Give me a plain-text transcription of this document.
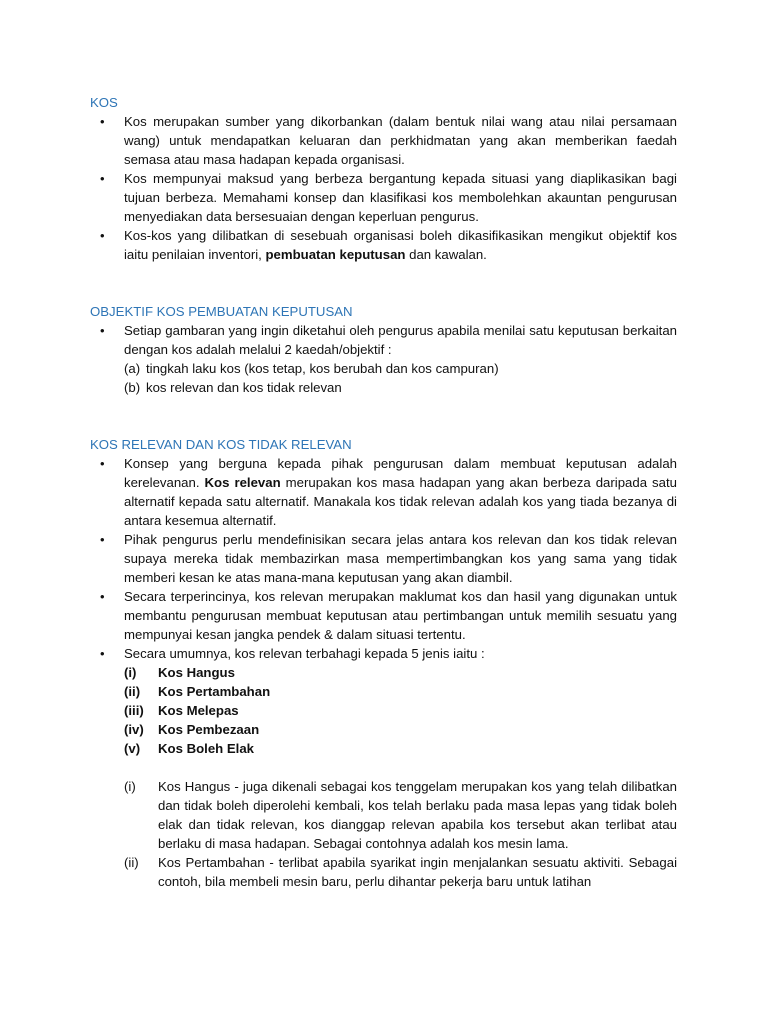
KOS
• Kos merupakan sumber yang dikorbankan (dalam bentuk nilai wang atau nilai persamaan wang) untuk mendapatkan keluaran dan perkhidmatan yang akan memberikan faedah semasa atau masa hadapan kepada organisasi.
• Kos mempunyai maksud yang berbeza bergantung kepada situasi yang diaplikasikan bagi tujuan berbeza. Memahami konsep dan klasifikasi kos membolehkan akauntan pengurusan menyediakan data bersesuaian dengan keperluan pengurus.
• Kos-kos yang dilibatkan di sesebuah organisasi boleh dikasifikasikan mengikut objektif kos iaitu penilaian inventori, pembuatan keputusan dan kawalan.
OBJEKTIF KOS PEMBUATAN KEPUTUSAN
• Setiap gambaran yang ingin diketahui oleh pengurus apabila menilai satu keputusan berkaitan dengan kos adalah melalui 2 kaedah/objektif :
(a) tingkah laku kos (kos tetap, kos berubah dan kos campuran)
(b) kos relevan dan kos tidak relevan
KOS RELEVAN DAN KOS TIDAK RELEVAN
• Konsep yang berguna kepada pihak pengurusan dalam membuat keputusan adalah kerelevanan. Kos relevan merupakan kos masa hadapan yang akan berbeza daripada satu alternatif kepada satu alternatif. Manakala kos tidak relevan adalah kos yang tiada bezanya di antara kesemua alternatif.
• Pihak pengurus perlu mendefinisikan secara jelas antara kos relevan dan kos tidak relevan supaya mereka tidak membazirkan masa mempertimbangkan kos yang sama yang tidak memberi kesan ke atas mana-mana keputusan yang akan diambil.
• Secara terperincinya, kos relevan merupakan maklumat kos dan hasil yang digunakan untuk membantu pengurusan membuat keputusan atau pertimbangan untuk memilih sesuatu yang mempunyai kesan jangka pendek & dalam situasi tertentu.
• Secara umumnya, kos relevan terbahagi kepada 5 jenis iaitu :
(i)	Kos Hangus
(ii)	Kos Pertambahan
(iii)	Kos Melepas
(iv)	Kos Pembezaan
(v)	Kos Boleh Elak
(i)	Kos Hangus - juga dikenali sebagai kos tenggelam merupakan kos yang telah dilibatkan dan tidak boleh diperolehi kembali, kos telah berlaku pada masa lepas yang tidak boleh elak dan tidak relevan, kos dianggap relevan apabila kos tersebut akan terlibat atau berlaku di masa hadapan. Sebagai contohnya adalah kos mesin lama.
(ii)	Kos Pertambahan - terlibat apabila syarikat ingin menjalankan sesuatu aktiviti. Sebagai contoh, bila membeli mesin baru, perlu dihantar pekerja baru untuk latihan
